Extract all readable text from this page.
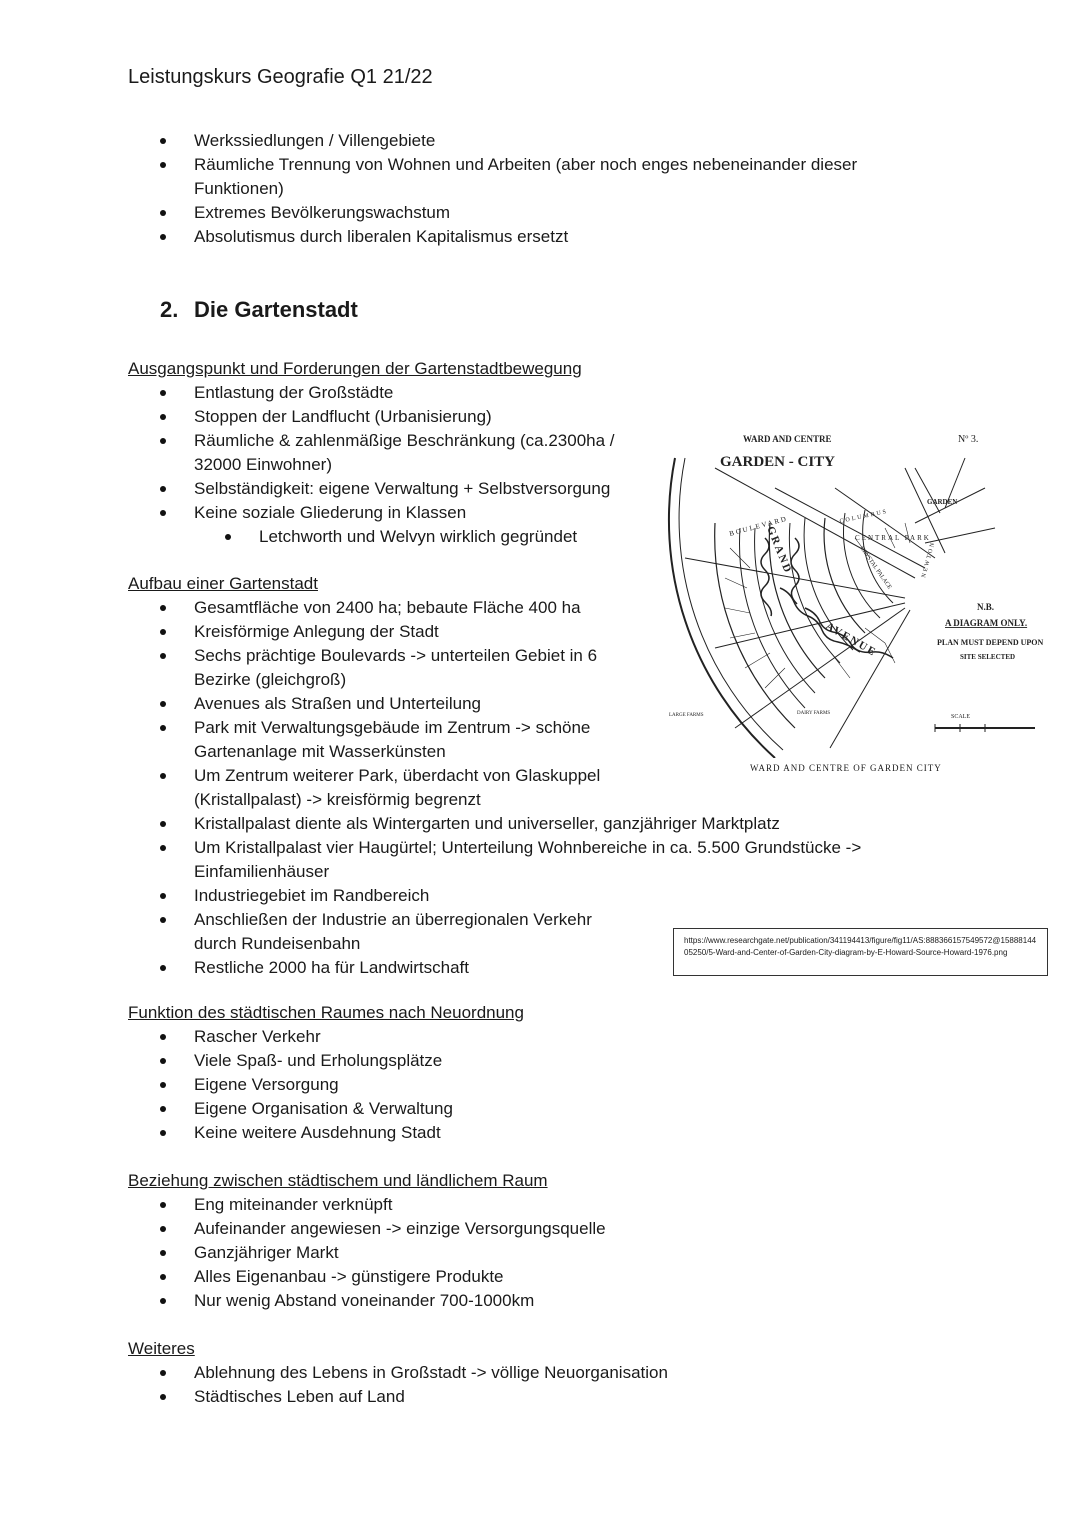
Leistungskurs Geografie Q1 21/22
Werkssiedlungen / Villengebiete
Räumliche Trennung von Wohnen und Arbeiten (aber noch enges nebeneinander dieser Funktionen)
Extremes Bevölkerungswachstum
Absolutismus durch liberalen Kapitalismus ersetzt
2. Die Gartenstadt
Ausgangspunkt und Forderungen der Gartenstadtbewegung
Entlastung der Großstädte
Stoppen der Landflucht (Urbanisierung)
Räumliche & zahlenmäßige Beschränkung (ca.2300ha / 32000 Einwohner)
Selbständigkeit: eigene Verwaltung + Selbstversorgung
Keine soziale Gliederung in Klassen
Letchworth und Welvyn wirklich gegründet
Aufbau einer Gartenstadt
Gesamtfläche von 2400 ha; bebaute Fläche 400 ha
Kreisförmige Anlegung der Stadt
Sechs prächtige Boulevards -> unterteilen Gebiet in 6 Bezirke (gleichgroß)
Avenues als Straßen und Unterteilung
Park mit Verwaltungsgebäude im Zentrum -> schöne Gartenanlage mit Wasserkünsten
Um Zentrum weiterer Park, überdacht von Glaskuppel (Kristallpalast) -> kreisförmig begrenzt
Kristallpalast diente als Wintergarten und universeller, ganzjähriger Marktplatz
Um Kristallpalast vier Haugürtel; Unterteilung Wohnbereiche in ca. 5.500 Grundstücke -> Einfamilienhäuser
Industriegebiet im Randbereich
Anschließen der Industrie an überregionalen Verkehr durch Rundeisenbahn
Restliche 2000 ha für Landwirtschaft
Funktion des städtischen Raumes nach Neuordnung
Rascher Verkehr
Viele Spaß- und Erholungsplätze
Eigene Versorgung
Eigene Organisation & Verwaltung
Keine weitere Ausdehnung Stadt
Beziehung zwischen städtischem und ländlichem Raum
Eng miteinander verknüpft
Aufeinander angewiesen -> einzige Versorgungsquelle
Ganzjähriger Markt
Alles Eigenanbau -> günstigere Produkte
Nur wenig Abstand voneinander 700-1000km
Weiteres
Ablehnung des Lebens in Großstadt -> völlige Neuorganisation
Städtisches Leben auf Land
WARD AND CENTRE
GARDEN - CITY
Nº 3.
N.B.
A DIAGRAM ONLY.
PLAN MUST DEPEND UPON
SITE SELECTED
GRAND
AVENUE
BOULEVARD
CENTRAL PARK
CRYSTAL PALACE
COLUMBUS
NEWTON
GARDEN
LARGE FARMS	DAIRY FARMS
SCALE
WARD AND CENTRE OF GARDEN CITY
https://www.researchgate.net/publication/341194413/figure/fig11/AS:888366157549572@1588814405250/5-Ward-and-Center-of-Garden-City-diagram-by-E-Howard-Source-Howard-1976.png
